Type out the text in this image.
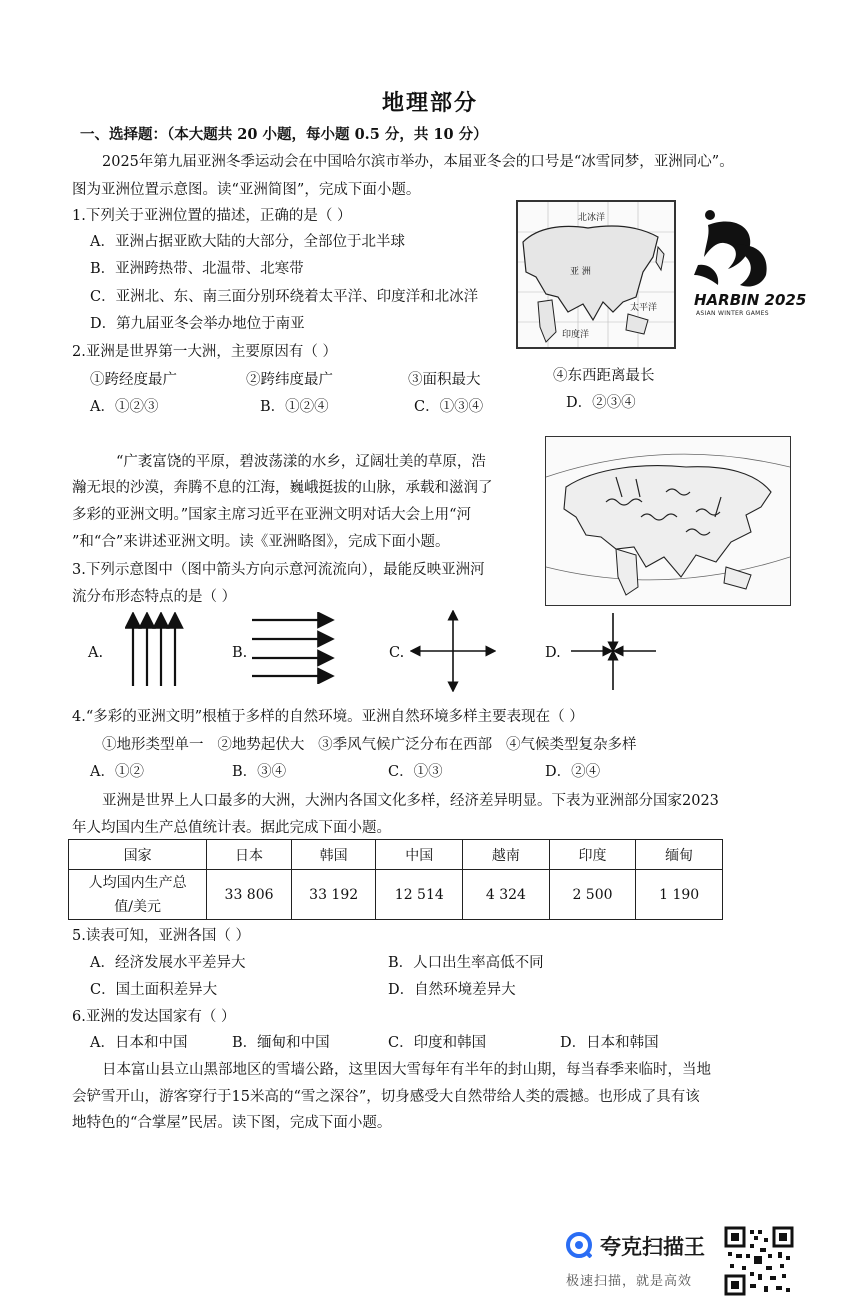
地理部分
一、选择题：（本大题共 20 小题，每小题 0.5 分，共 10 分）
2025年第九届亚洲冬季运动会在中国哈尔滨市举办，本届亚冬会的口号是“冰雪同梦，亚洲同心”。
图为亚洲位置示意图。读“亚洲简图”，完成下面小题。
1.下列关于亚洲位置的描述，正确的是（ ）
A．亚洲占据亚欧大陆的大部分，全部位于北半球
B．亚洲跨热带、北温带、北寒带
C．亚洲北、东、南三面分别环绕着太平洋、印度洋和北冰洋
D．第九届亚冬会举办地位于南亚
北冰洋
亚 洲
太平洋
印度洋
HARBIN 2025
ASIAN WINTER GAMES
2.亚洲是世界第一大洲，主要原因有（ ）
①跨经度最广	②跨纬度最广	③面积最大	④东西距离最长
A．①②③	B．①②④	C．①③④	D．②③④
“广袤富饶的平原，碧波荡漾的水乡，辽阔壮美的草原，浩
瀚无垠的沙漠，奔腾不息的江海，巍峨挺拔的山脉，承载和滋润了
多彩的亚洲文明。”国家主席习近平在亚洲文明对话大会上用“河
”和“合”来讲述亚洲文明。读《亚洲略图》，完成下面小题。
3.下列示意图中（图中箭头方向示意河流流向），最能反映亚洲河
流分布形态特点的是（ ）
A.	B.	C.	D.
4.“多彩的亚洲文明”根植于多样的自然环境。亚洲自然环境多样主要表现在（ ）
①地形类型单一   ②地势起伏大   ③季风气候广泛分布在西部   ④气候类型复杂多样
A．①②	B．③④	C．①③	D．②④
亚洲是世界上人口最多的大洲，大洲内各国文化多样，经济差异明显。下表为亚洲部分国家2023
年人均国内生产总值统计表。据此完成下面小题。
国家	日本	韩国	中国	越南	印度	缅甸

人均国内生产总
值/美元	33 806	33 192	12 514	4 324	2 500	1 190
5.读表可知，亚洲各国（ ）
A．经济发展水平差异大	B．人口出生率高低不同
C．国土面积差异大	D．自然环境差异大
6.亚洲的发达国家有（ ）
A．日本和中国	B．缅甸和中国	C．印度和韩国	D．日本和韩国
日本富山县立山黑部地区的雪墙公路，这里因大雪每年有半年的封山期，每当春季来临时，当地
会铲雪开山，游客穿行于15米高的“雪之深谷”，切身感受大自然带给人类的震撼。也形成了具有该
地特色的“合掌屋”民居。读下图，完成下面小题。
夸克扫描王
极速扫描，就是高效
